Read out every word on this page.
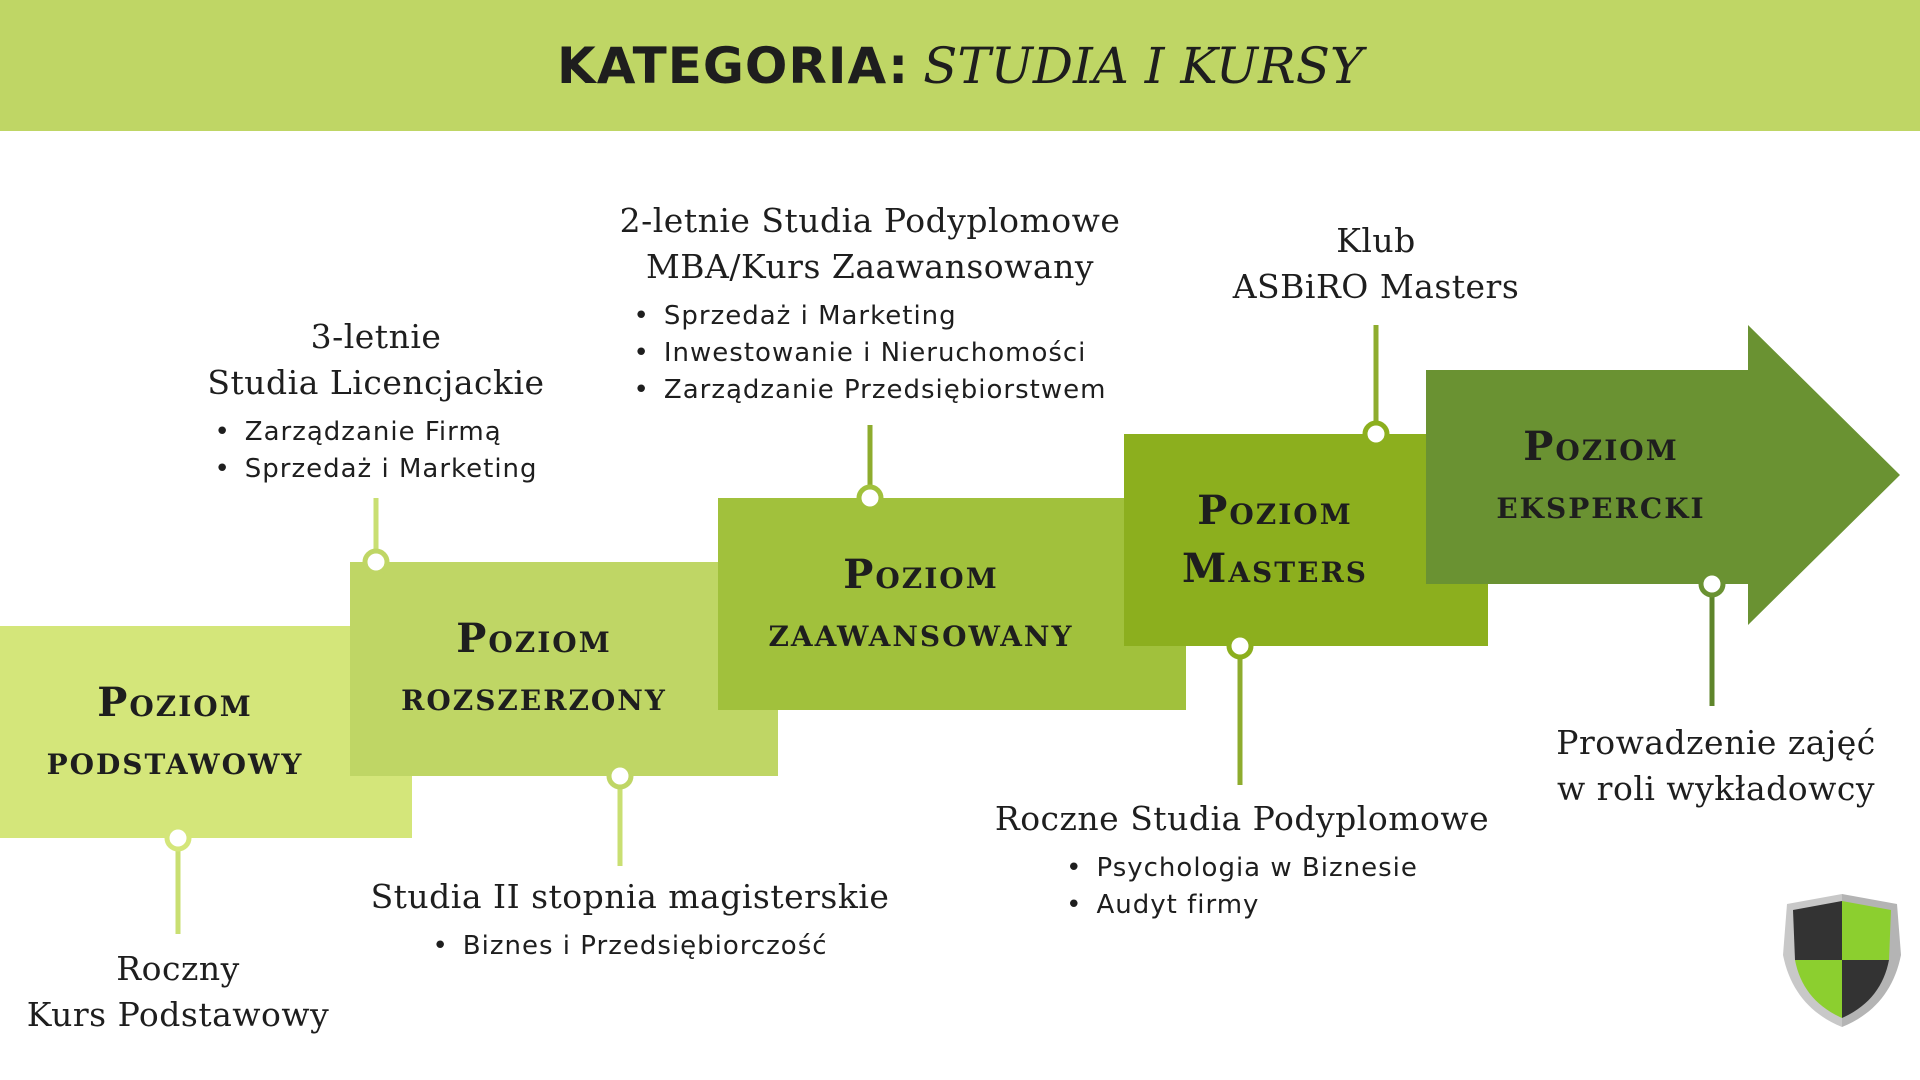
KATEGORIA: STUDIA I KURSY
Poziom
podstawowy
Poziom
rozszerzony
Poziom
zaawansowany
Poziom
Masters
Poziom
ekspercki
Roczny
Kurs Podstawowy
3-letnie
Studia Licencjackie
• Zarządzanie Firmą
• Sprzedaż i Marketing
Studia II stopnia magisterskie
• Biznes i Przedsiębiorczość
2-letnie Studia Podyplomowe
MBA/Kurs Zaawansowany
• Sprzedaż i Marketing
• Inwestowanie i Nieruchomości
• Zarządzanie Przedsiębiorstwem
Klub
ASBiRO Masters
Roczne Studia Podyplomowe
• Psychologia w Biznesie
• Audyt firmy
Prowadzenie zajęć
w roli wykładowcy
